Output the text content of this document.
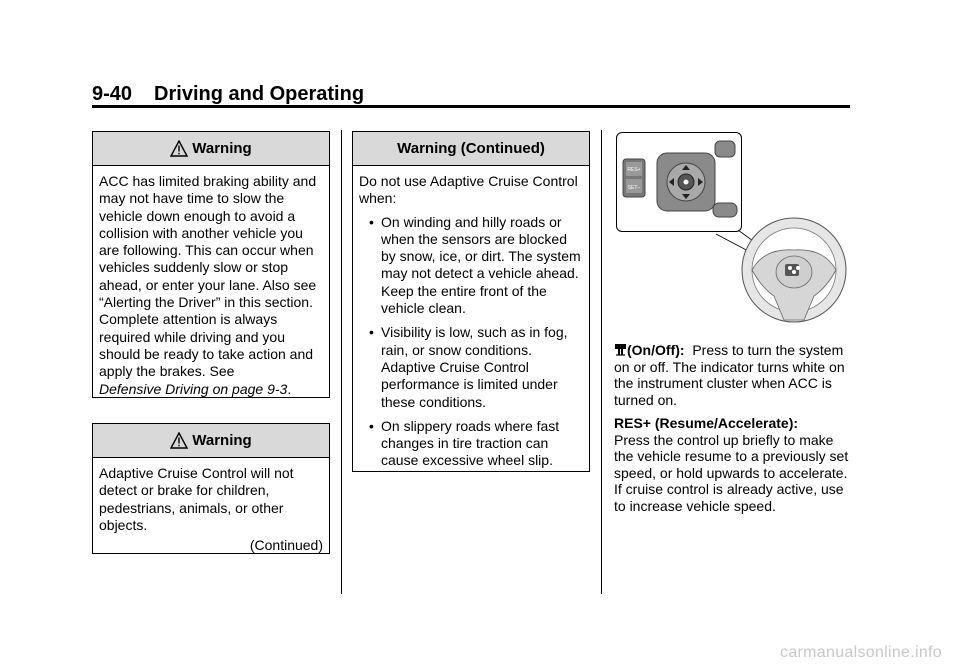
9-40 Driving and Operating
Warning

ACC has limited braking ability and may not have time to slow the vehicle down enough to avoid a collision with another vehicle you are following. This can occur when vehicles suddenly slow or stop ahead, or enter your lane. Also see “Alerting the Driver” in this section. Complete attention is always required while driving and you should be ready to take action and apply the brakes. See
Defensive Driving on page 9-3.

Warning

Adaptive Cruise Control will not detect or brake for children, pedestrians, animals, or other objects.

(Continued)
Warning (Continued)

Do not use Adaptive Cruise Control when:

• On winding and hilly roads or when the sensors are blocked by snow, ice, or dirt. The system may not detect a vehicle ahead. Keep the entire front of the vehicle clean.
• Visibility is low, such as in fog, rain, or snow conditions. Adaptive Cruise Control performance is limited under these conditions.
• On slippery roads where fast changes in tire traction can cause excessive wheel slip.
RES+
SET−

(On/Off): Press to turn the system on or off. The indicator turns white on the instrument cluster when ACC is turned on.

RES+ (Resume/Accelerate):
Press the control up briefly to make the vehicle resume to a previously set speed, or hold upwards to accelerate. If cruise control is already active, use to increase vehicle speed.

carmanualsonline.info
